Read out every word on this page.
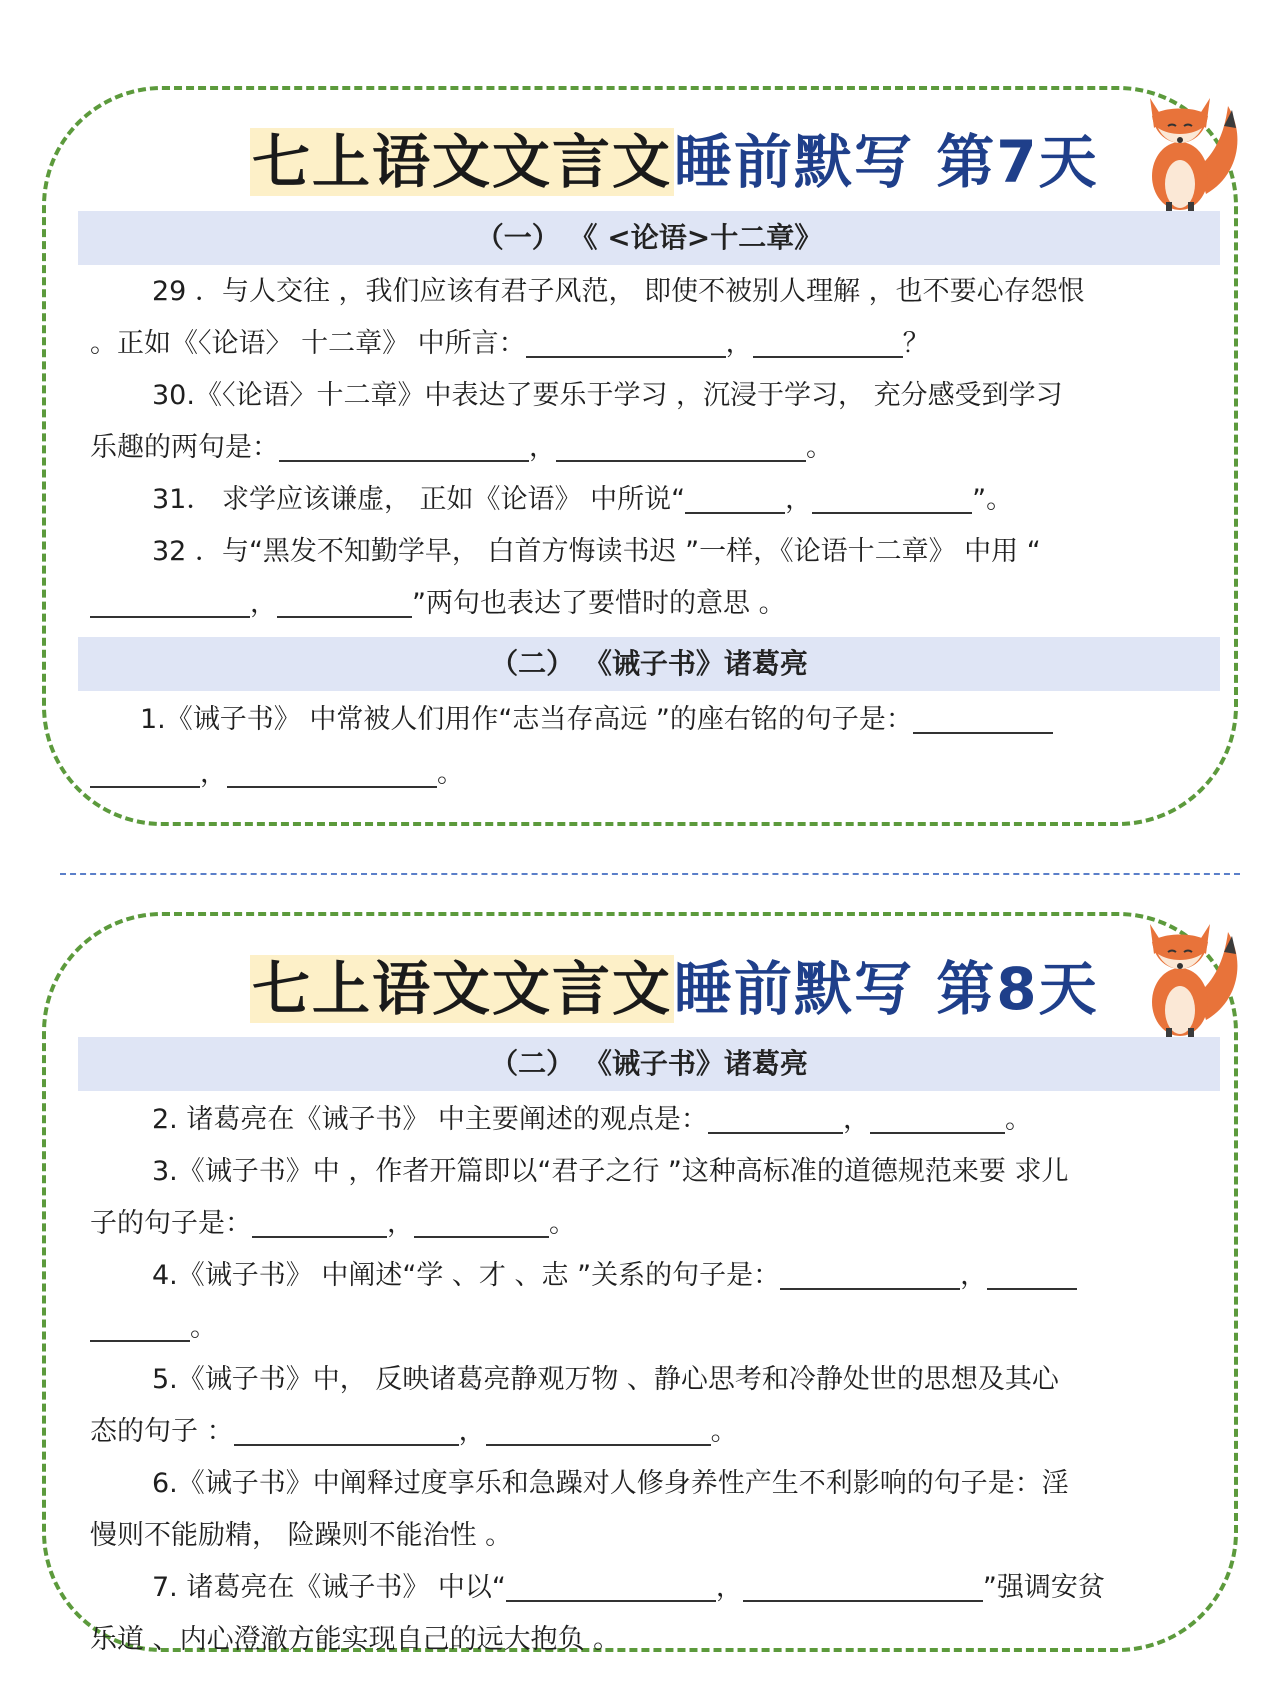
七上语文文言文睡前默写 第7天
（一） 《 <论语>十二章》

29 ．与人交往 ，我们应该有君子风范， 即使不被别人理解 ，也不要心存怨恨

。正如《〈论语〉 十二章》 中所言：	，	？

30.《〈论语〉十二章》中表达了要乐于学习 ，沉浸于学习， 充分感受到学习

乐趣的两句是：	，	。

31． 求学应该谦虚， 正如《论语》 中所说“	，	”。

32 ．与“黑发不知勤学早， 白首方悔读书迟 ”一样，《论语十二章》 中用 “

，	”两句也表达了要惜时的意思 。

（二） 《诫子书》诸葛亮

1.《诫子书》 中常被人们用作“志当存高远 ”的座右铭的句子是：

，	。

七上语文文言文睡前默写 第8天
（二） 《诫子书》诸葛亮

2. 诸葛亮在《诫子书》 中主要阐述的观点是：	，	。

3.《诫子书》中 ，作者开篇即以“君子之行 ”这种高标准的道德规范来要 求儿

子的句子是：	，	。

4.《诫子书》 中阐述“学 、才 、志 ”关系的句子是：	，

。

5.《诫子书》中， 反映诸葛亮静观万物 、静心思考和冷静处世的思想及其心

态的句子 ：	，	。

6.《诫子书》中阐释过度享乐和急躁对人修身养性产生不利影响的句子是：淫

慢则不能励精， 险躁则不能治性 。

7. 诸葛亮在《诫子书》 中以“	，	”强调安贫

乐道 、内心澄澈方能实现自己的远大抱负 。
